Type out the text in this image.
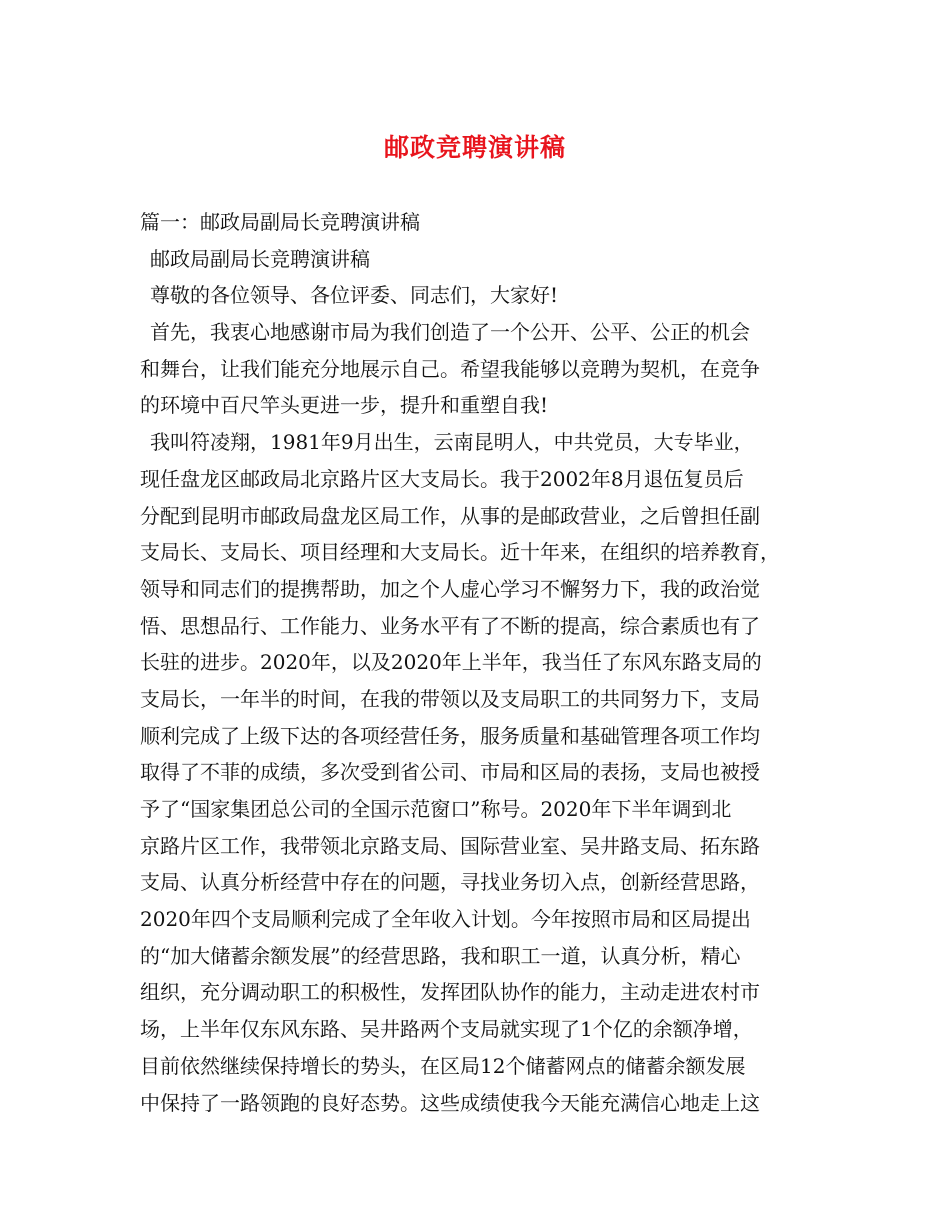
邮政竞聘演讲稿
篇一：邮政局副局长竞聘演讲稿
邮政局副局长竞聘演讲稿
尊敬的各位领导、各位评委、同志们，大家好!
首先，我衷心地感谢市局为我们创造了一个公开、公平、公正的机会
和舞台，让我们能充分地展示自己。希望我能够以竞聘为契机，在竞争
的环境中百尺竿头更进一步，提升和重塑自我!
我叫符凌翔，1981年9月出生，云南昆明人，中共党员，大专毕业，
现任盘龙区邮政局北京路片区大支局长。我于2002年8月退伍复员后
分配到昆明市邮政局盘龙区局工作，从事的是邮政营业，之后曾担任副
支局长、支局长、项目经理和大支局长。近十年来，在组织的培养教育，
领导和同志们的提携帮助，加之个人虚心学习不懈努力下，我的政治觉
悟、思想品行、工作能力、业务水平有了不断的提高，综合素质也有了
长驻的进步。2020年，以及2020年上半年，我当任了东风东路支局的
支局长，一年半的时间，在我的带领以及支局职工的共同努力下，支局
顺利完成了上级下达的各项经营任务，服务质量和基础管理各项工作均
取得了不菲的成绩，多次受到省公司、市局和区局的表扬，支局也被授
予了“国家集团总公司的全国示范窗口”称号。2020年下半年调到北
京路片区工作，我带领北京路支局、国际营业室、吴井路支局、拓东路
支局、认真分析经营中存在的问题，寻找业务切入点，创新经营思路，
2020年四个支局顺利完成了全年收入计划。今年按照市局和区局提出
的“加大储蓄余额发展”的经营思路，我和职工一道，认真分析，精心
组织，充分调动职工的积极性，发挥团队协作的能力，主动走进农村市
场，上半年仅东风东路、吴井路两个支局就实现了1个亿的余额净增，
目前依然继续保持增长的势头，在区局12个储蓄网点的储蓄余额发展
中保持了一路领跑的良好态势。这些成绩使我今天能充满信心地走上这
